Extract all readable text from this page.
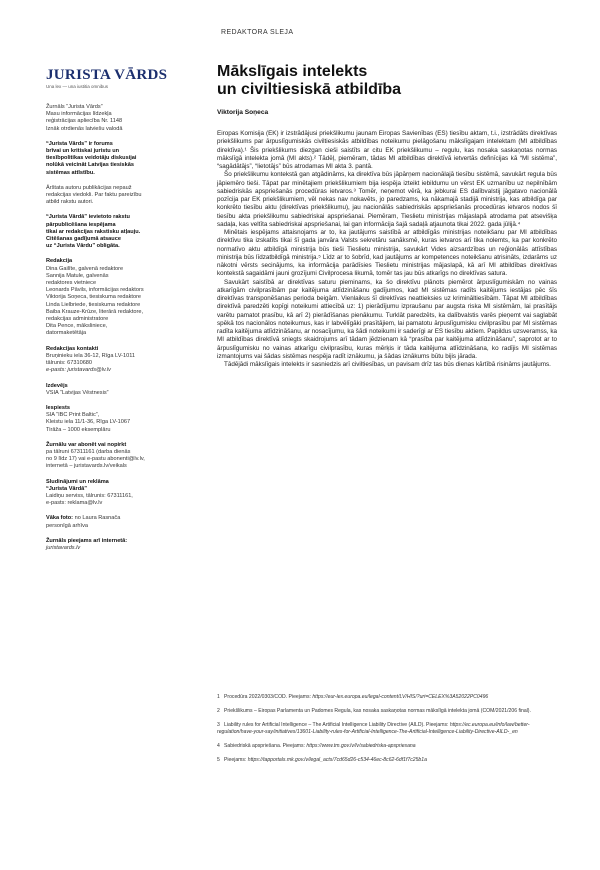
REDAKTORA SLEJA
JURISTA VĀRDS
Una lex — una iustitia omnibus
Žurnāls “Jurista Vārds”
Masu informācijas līdzekļa
reģistrācijas apliecība Nr. 1148
Iznāk otrdienās latviešu valodā
“Jurista Vārds” ir forums
brīvai un kritiskai juristu un
tiesībpolitikas veidotāju diskusijai
nolūkā veicināt Latvijas tiesiskās
sistēmas attīstību.
Ārštata autoru publikācijas nepauž
redakcijas viedokli. Par faktu pareizību
atbild rakstu autori.
“Jurista Vārdā” ievietoto rakstu
pārpublicēšana iespējama
tikai ar redakcijas rakstisku atļauju.
Citēšanas gadījumā atsauce
uz “Jurista Vārdu” obligāta.
Redakcija
Dina Gailīte, galvenā redaktore
Sannija Matule, galvenās
redaktores vietniece
Leonards Pāvils, informācijas redaktors
Viktorija Soņeca, tiesiskuma redaktore
Linda Lielbriede, tiesiskuma redaktore
Baiba Krauze-Krūze, literārā redaktore,
redakcijas administratore
Dita Pence, māksliniece,
datormaketētāja
Redakcijas kontakti
Bruņinieku iela 36-12, Rīga LV-1011
tālrunis: 67310680
e-pasts: juristavards@lv.lv
Izdevējs
VSIA “Latvijas Vēstnesis”
Iespiests
SIA “IBC Print Baltic”,
Kleistu iela 11/1-36, Rīga LV-1067
Tirāža – 1000 eksemplāru
Žurnālu var abonēt vai nopirkt
pa tālruni 67311161 (darba dienās
no 9 līdz 17) vai e-pastu abonenti@lv.lv,
internetā – juristavards.lv/veikals
Sludinājumi un reklāma
“Jurista Vārdā”
Laidiņu serviss, tālrunis: 67311161,
e-pasts: reklama@lv.lv
Vāka foto: no Laura Rasnača
personīgā arhīva
Žurnāls pieejams arī internetā:
juristavards.lv
Mākslīgais intelekts
un civiltiesiskā atbildība
Viktorija Soņeca

Eiropas Komisija (EK) ir izstrādājusi priekšlikumu jaunam Eiropas Savienības (ES) tiesību aktam, t.i., izstrādāts direktīvas priekšlikums par ārpuslīgumiskās civiltiesiskās atbildības noteikumu pielāgošanu mākslīgajam intelektam (MI atbildības direktīva).¹ Šis priekšlikums diezgan cieši saistīts ar citu EK priekšlikumu – regulu, kas nosaka saskaņotas normas mākslīgā intelekta jomā (MI akts).² Tādēļ, piemēram, tādas MI atbildības direktīvā ietvertās definīcijas kā “MI sistēma”, “sagādātājs”, “lietotājs” būs atrodamas MI akta 3. pantā.

Šo priekšlikumu kontekstā gan atgādināms, ka direktīva būs jāpārņem nacionālajā tiesību sistēmā, savukārt regula būs jāpiemēro tieši. Tāpat par minētajiem priekšlikumiem bija iespēja izteikt iebildumu un vērst EK uzmanību uz nepilnībām sabiedriskās apspriešanās procedūras ietvaros.³ Tomēr, neņemot vērā, ka jebkurai ES dalībvalstij jāgatavo nacionālā pozīcija par EK priekšlikumiem, vēl nekas nav nokavēts, jo paredzams, ka nākamajā stadijā ministrija, kas atbildīga par konkrēto tiesību aktu (direktīvas priekšlikumu), jau nacionālās sabiedriskās apspriešanās procedūras ietvaros nodos šī tiesību akta priekšlikumu sabiedriskai apspriešanai. Piemēram, Tieslietu ministrijas mājaslapā atrodama pat atsevišķa sadaļa, kas veltīta sabiedriskai apspriešanai, lai gan informācija šajā sadaļā atjaunota tikai 2022. gada jūlijā.⁴

Minētais iespējams attaisnojams ar to, ka jautājums saistībā ar atbildīgās ministrijas noteikšanu par MI atbildības direktīvu tika izskatīts tikai šī gada janvāra Valsts sekretāru sanāksmē, kuras ietvaros arī tika nolemts, ka par konkrēto normatīvo aktu atbildīgā ministrija būs tieši Tieslietu ministrija, savukārt Vides aizsardzības un reģionālās attīstības ministrija būs līdzatbildīgā ministrija.⁵ Līdz ar to šobrīd, kad jautājums ar kompetences noteikšanu atrisināts, izdarāms uz nākotni vērsts secinājums, ka informācija parādīsies Tieslietu ministrijas mājaslapā, kā arī MI atbildības direktīvas kontekstā sagaidāmi jauni grozījumi Civilprocesa likumā, tomēr tas jau būs atkarīgs no direktīvas satura.

Savukārt saistībā ar direktīvas saturu pieminams, ka šo direktīvu plānots piemērot ārpuslīgumiskām no vainas atkarīgām civilprasībām par kaitējuma atlīdzināšanu gadījumos, kad MI sistēmas radīts kaitējums iestājas pēc šīs direktīvas transponēšanas perioda beigām. Vienlaikus šī direktīvas neattieksies uz krimināltiesībām. Tāpat MI atbildības direktīvā paredzēti kopīgi noteikumi attiecībā uz: 1) pierādījumu izpraušanu par augsta riska MI sistēmām, lai prasītājs varētu pamatot prasību, kā arī 2) pierādīšanas pienākumu. Turklāt paredzēts, ka dalībvalstis varēs pieņemt vai saglabāt spēkā tos nacionālos noteikumus, kas ir labvēlīgāki prasītājiem, lai pamatotu ārpuslīgumisku civilprasību par MI sistēmas radīta kaitējuma atlīdzināšanu, ar nosacījumu, ka šādi noteikumi ir saderīgi ar ES tiesību aktiem. Papildus uzsveramss, ka MI atbildības direktīvā sniegts skaidrojums arī tādam jēdzienam kā “prasība par kaitējuma atlīdzināšanu”, saprotot ar to ārpuslīgumisku no vainas atkarīgu civilprasību, kuras mērķis ir tāda kaitējuma atlīdzināšana, ko radījis MI sistēmas izmantojums vai šādas sistēmas nespēja radīt iznākumu, ja šādas iznākums būtu bijis jārada.

Tādējādi mākslīgais intelekts ir sasniedzis arī civiltiesības, un pavisam drīz tas būs dienas kārtībā risināms jautājums.

1 Procedūra 2022/0303/COD. Pieejams: https://eur-lex.europa.eu/legal-content/LV/HIS/?uri=CELEX%3A52022PC0496
2 Priekšlikums – Eiropas Parlamenta un Padomes Regula, kas nosaka saskaņotas normas mākslīgā intelekta jomā (COM/2021/206 final).
3 Liability rules for Artificial Intelligence – The Artificial Intelligence Liability Directive (AILD). Pieejams: https://ec.europa.eu/info/law/better-regulation/have-your-say/initiatives/13601-Liability-rules-for-Artificial-Intelligence-The-Artificial-Intelligence-Liability-Directive-AILD-_en
4 Sabiedriskā apspriešana. Pieejams: https://www.tm.gov.lv/lv/sabiedriska-apspriesana
5 Pieejams: https://tapportals.mk.gov.lv/legal_acts/7cd65d26-c534-46ec-8c62-6df1f7c25b1a
